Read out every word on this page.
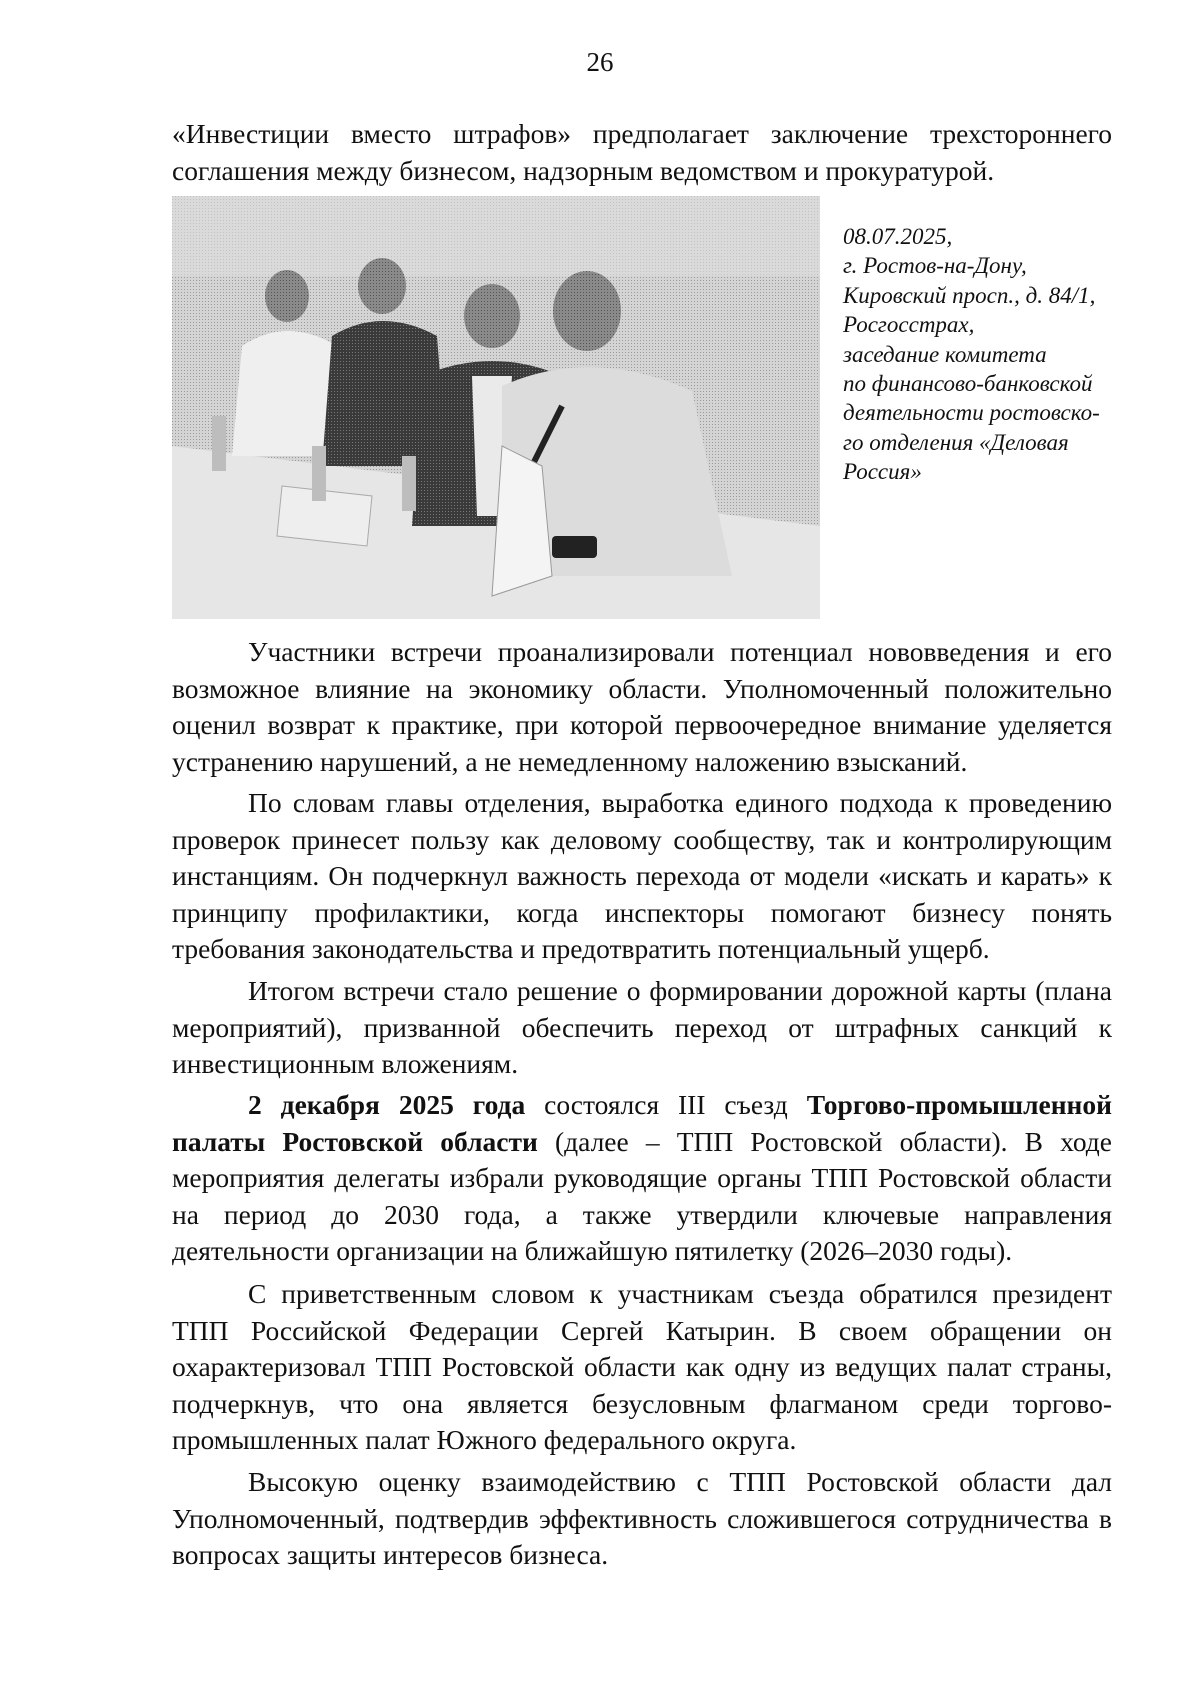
26

«Инвестиции вместо штрафов» предполагает заключение трехстороннего соглашения между бизнесом, надзорным ведомством и прокуратурой.

08.07.2025,
г. Ростов-на-Дону,
Кировский просп., д. 84/1,
Росгосстрах,
заседание комитета
по финансово-банковской
деятельности ростовско-
го отделения «Деловая
Россия»

Участники встречи проанализировали потенциал нововведения и его возможное влияние на экономику области. Уполномоченный положительно оценил возврат к практике, при которой первоочередное внимание уделяется устранению нарушений, а не немедленному наложению взысканий.

По словам главы отделения, выработка единого подхода к проведению проверок принесет пользу как деловому сообществу, так и контролирующим инстанциям. Он подчеркнул важность перехода от модели «искать и карать» к принципу профилактики, когда инспекторы помогают бизнесу понять требования законодательства и предотвратить потенциальный ущерб.

Итогом встречи стало решение о формировании дорожной карты (плана мероприятий), призванной обеспечить переход от штрафных санкций к инвестиционным вложениям.

2 декабря 2025 года состоялся III съезд Торгово-промышленной палаты Ростовской области (далее – ТПП Ростовской области). В ходе мероприятия делегаты избрали руководящие органы ТПП Ростовской области на период до 2030 года, а также утвердили ключевые направления деятельности организации на ближайшую пятилетку (2026–2030 годы).

С приветственным словом к участникам съезда обратился президент ТПП Российской Федерации Сергей Катырин. В своем обращении он охарактеризовал ТПП Ростовской области как одну из ведущих палат страны, подчеркнув, что она является безусловным флагманом среди торгово-промышленных палат Южного федерального округа.

Высокую оценку взаимодействию с ТПП Ростовской области дал Уполномоченный, подтвердив эффективность сложившегося сотрудничества в вопросах защиты интересов бизнеса.
